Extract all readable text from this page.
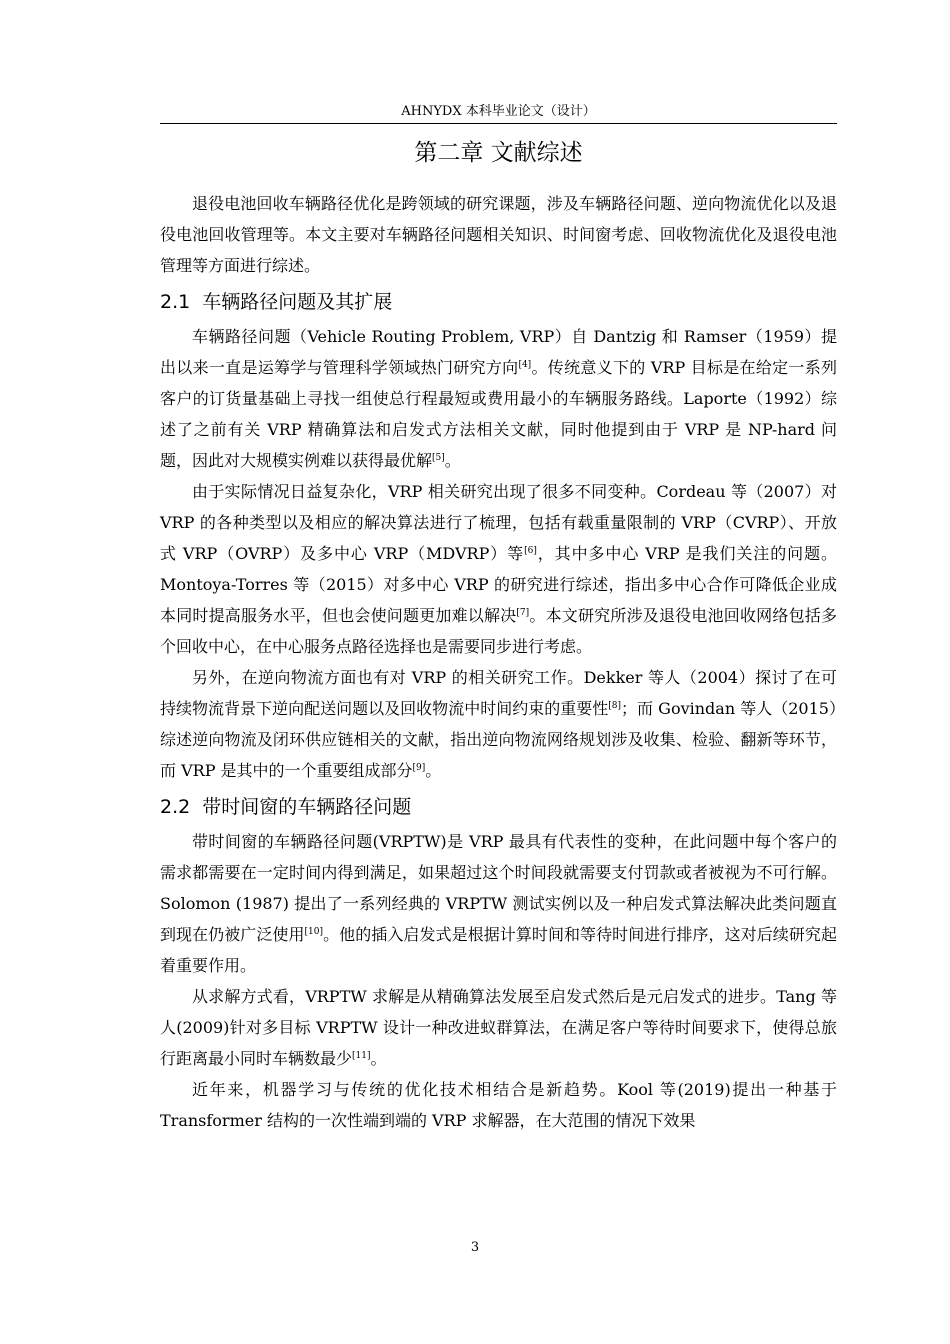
AHNYDX 本科毕业论文（设计）
第二章 文献综述

退役电池回收车辆路径优化是跨领域的研究课题，涉及车辆路径问题、逆向物流优化以及退役电池回收管理等。本文主要对车辆路径问题相关知识、时间窗考虑、回收物流优化及退役电池管理等方面进行综述。

2.1 车辆路径问题及其扩展

车辆路径问题（Vehicle Routing Problem, VRP）自 Dantzig 和 Ramser（1959）提出以来一直是运筹学与管理科学领域热门研究方向[4]。传统意义下的 VRP 目标是在给定一系列客户的订货量基础上寻找一组使总行程最短或费用最小的车辆服务路线。Laporte（1992）综述了之前有关 VRP 精确算法和启发式方法相关文献，同时他提到由于 VRP 是 NP-hard 问题，因此对大规模实例难以获得最优解[5]。

由于实际情况日益复杂化，VRP 相关研究出现了很多不同变种。Cordeau 等（2007）对 VRP 的各种类型以及相应的解决算法进行了梳理，包括有载重量限制的 VRP（CVRP）、开放式 VRP（OVRP）及多中心 VRP（MDVRP）等[6]，其中多中心 VRP 是我们关注的问题。Montoya-Torres 等（2015）对多中心 VRP 的研究进行综述，指出多中心合作可降低企业成本同时提高服务水平，但也会使问题更加难以解决[7]。本文研究所涉及退役电池回收网络包括多个回收中心，在中心服务点路径选择也是需要同步进行考虑。

另外，在逆向物流方面也有对 VRP 的相关研究工作。Dekker 等人（2004）探讨了在可持续物流背景下逆向配送问题以及回收物流中时间约束的重要性[8]；而 Govindan 等人（2015）综述逆向物流及闭环供应链相关的文献，指出逆向物流网络规划涉及收集、检验、翻新等环节，而 VRP 是其中的一个重要组成部分[9]。

2.2 带时间窗的车辆路径问题

带时间窗的车辆路径问题(VRPTW)是 VRP 最具有代表性的变种，在此问题中每个客户的需求都需要在一定时间内得到满足，如果超过这个时间段就需要支付罚款或者被视为不可行解。Solomon (1987) 提出了一系列经典的 VRPTW 测试实例以及一种启发式算法解决此类问题直到现在仍被广泛使用[10]。他的插入启发式是根据计算时间和等待时间进行排序，这对后续研究起着重要作用。

从求解方式看，VRPTW 求解是从精确算法发展至启发式然后是元启发式的进步。Tang 等人(2009)针对多目标 VRPTW 设计一种改进蚁群算法，在满足客户等待时间要求下，使得总旅行距离最小同时车辆数最少[11]。

近年来，机器学习与传统的优化技术相结合是新趋势。Kool 等(2019)提出一种基于 Transformer 结构的一次性端到端的 VRP 求解器，在大范围的情况下效果

3
